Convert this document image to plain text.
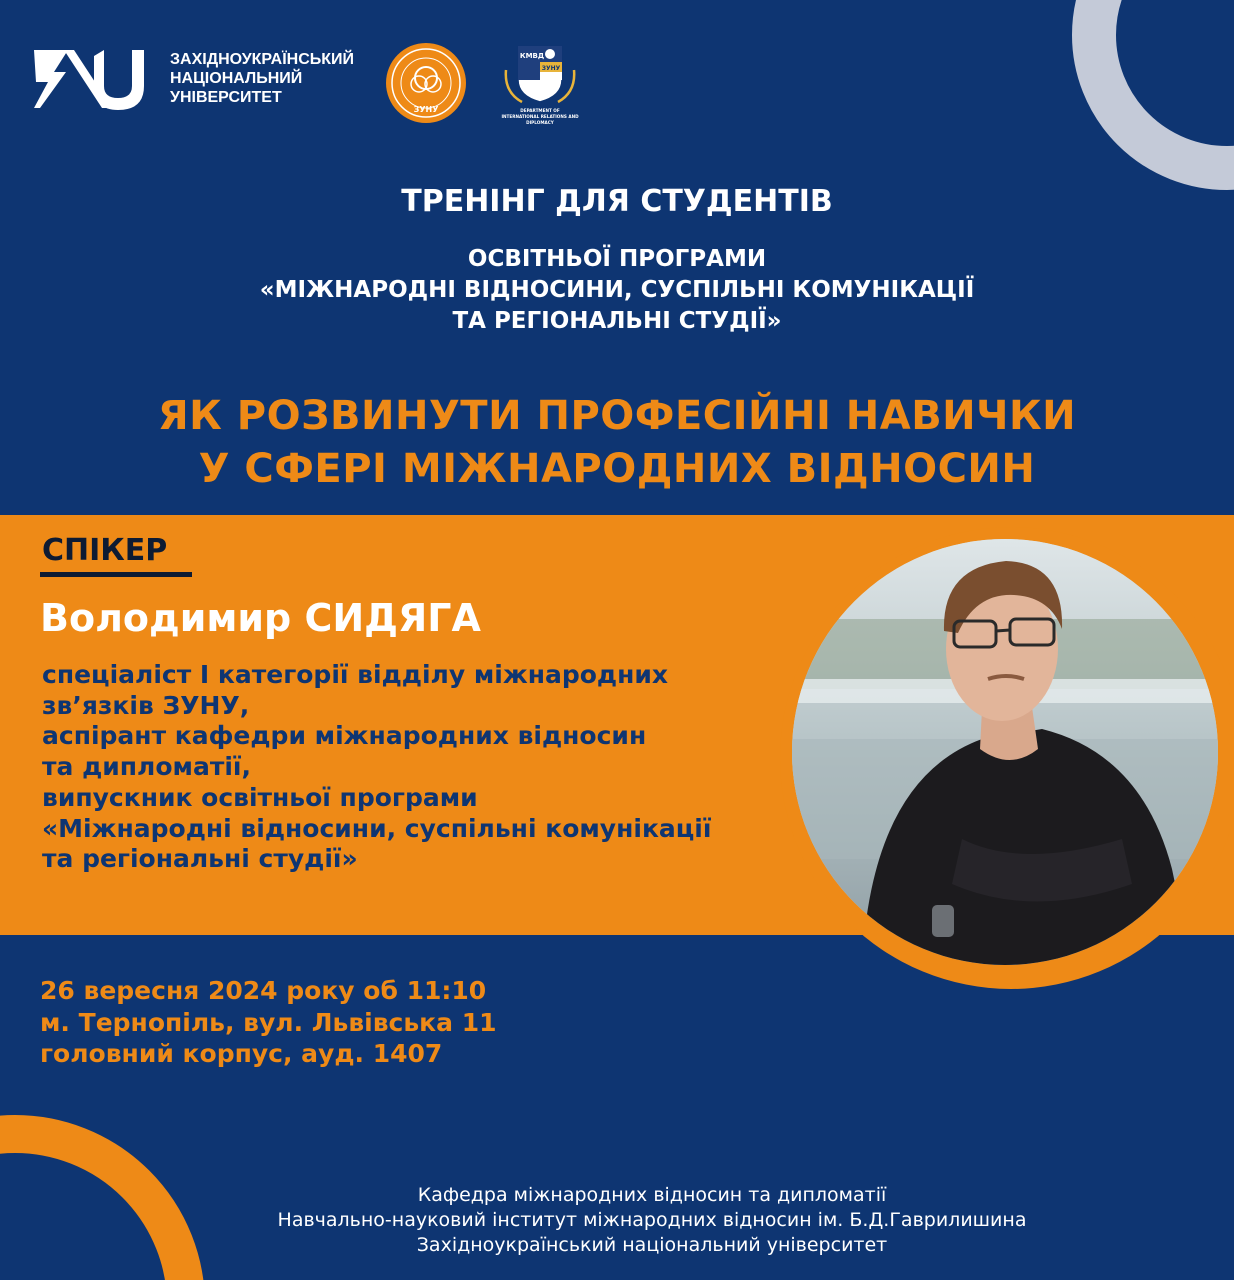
ЗАХІДНОУКРАЇНСЬКИЙ
НАЦІОНАЛЬНИЙ
УНІВЕРСИТЕТ
ЗУНУ
КМВД
ЗУНУ
DEPARTMENT OF
INTERNATIONAL RELATIONS AND
DIPLOMACY
ТРЕНІНГ ДЛЯ СТУДЕНТІВ
ОСВІТНЬОЇ ПРОГРАМИ
«МІЖНАРОДНІ ВІДНОСИНИ, СУСПІЛЬНІ КОМУНІКАЦІЇ
ТА РЕГІОНАЛЬНІ СТУДІЇ»
ЯК РОЗВИНУТИ ПРОФЕСІЙНІ НАВИЧКИ
У СФЕРІ МІЖНАРОДНИХ ВІДНОСИН
СПІКЕР
Володимир СИДЯГА
спеціаліст І категорії відділу міжнародних
зв’язків ЗУНУ,
аспірант кафедри міжнародних відносин
та дипломатії,
випускник освітньої програми
«Міжнародні відносини, суспільні комунікації
та регіональні студії»
26 вересня 2024 року об 11:10
м. Тернопіль, вул. Львівська 11
головний корпус, ауд. 1407
Кафедра міжнародних відносин та дипломатії
Навчально-науковий інститут міжнародних відносин ім. Б.Д.Гаврилишина
Західноукраїнський національний університет
